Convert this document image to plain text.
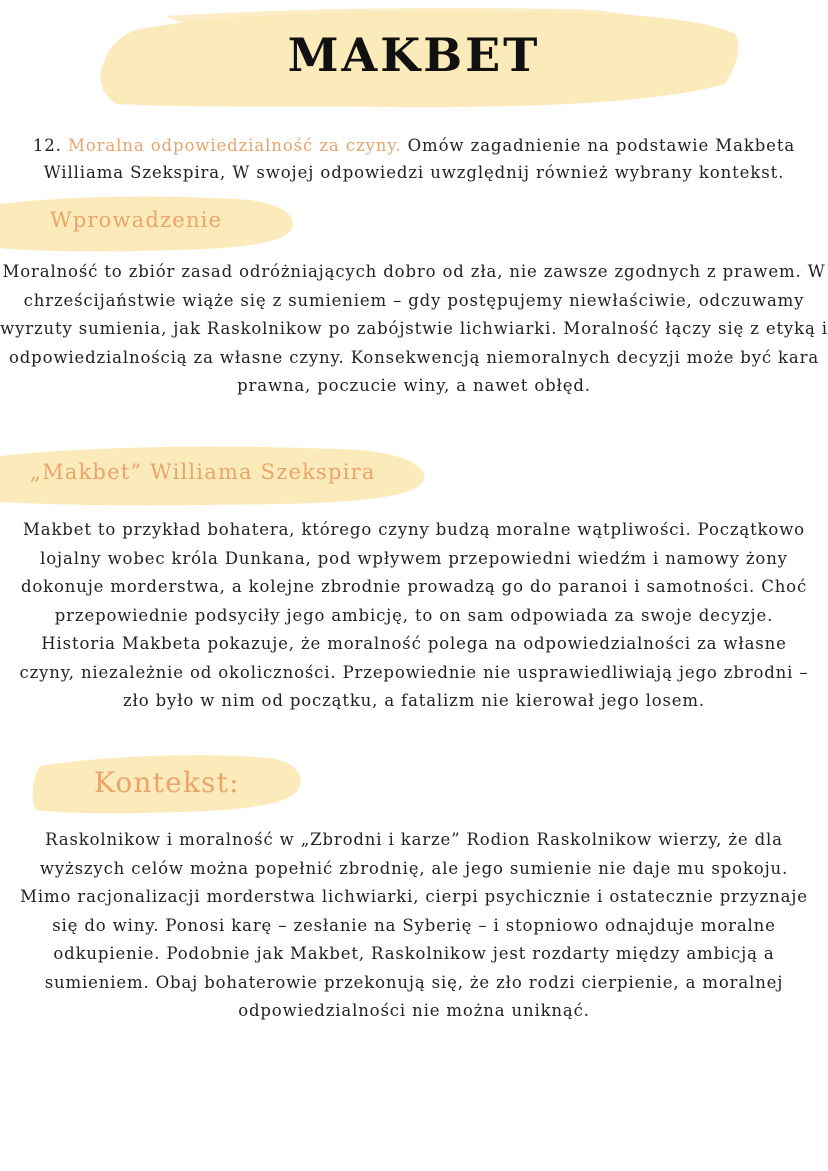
MAKBET
12. Moralna odpowiedzialność za czyny. Omów zagadnienie na podstawie Makbeta Williama Szekspira, W swojej odpowiedzi uwzględnij również wybrany kontekst.
Wprowadzenie
Moralność to zbiór zasad odróżniających dobro od zła, nie zawsze zgodnych z prawem. W chrześcijaństwie wiąże się z sumieniem – gdy postępujemy niewłaściwie, odczuwamy wyrzuty sumienia, jak Raskolnikow po zabójstwie lichwiarki. Moralność łączy się z etyką i odpowiedzialnością za własne czyny. Konsekwencją niemoralnych decyzji może być kara prawna, poczucie winy, a nawet obłęd.
„Makbet” Williama Szekspira
Makbet to przykład bohatera, którego czyny budzą moralne wątpliwości. Początkowo lojalny wobec króla Dunkana, pod wpływem przepowiedni wiedźm i namowy żony dokonuje morderstwa, a kolejne zbrodnie prowadzą go do paranoi i samotności. Choć przepowiednie podsyciły jego ambicję, to on sam odpowiada za swoje decyzje. Historia Makbeta pokazuje, że moralność polega na odpowiedzialności za własne czyny, niezależnie od okoliczności. Przepowiednie nie usprawiedliwiają jego zbrodni – zło było w nim od początku, a fatalizm nie kierował jego losem.
Kontekst:
Raskolnikow i moralność w „Zbrodni i karze” Rodion Raskolnikow wierzy, że dla wyższych celów można popełnić zbrodnię, ale jego sumienie nie daje mu spokoju. Mimo racjonalizacji morderstwa lichwiarki, cierpi psychicznie i ostatecznie przyznaje się do winy. Ponosi karę – zesłanie na Syberię – i stopniowo odnajduje moralne odkupienie. Podobnie jak Makbet, Raskolnikow jest rozdarty między ambicją a sumieniem. Obaj bohaterowie przekonują się, że zło rodzi cierpienie, a moralnej odpowiedzialności nie można uniknąć.
